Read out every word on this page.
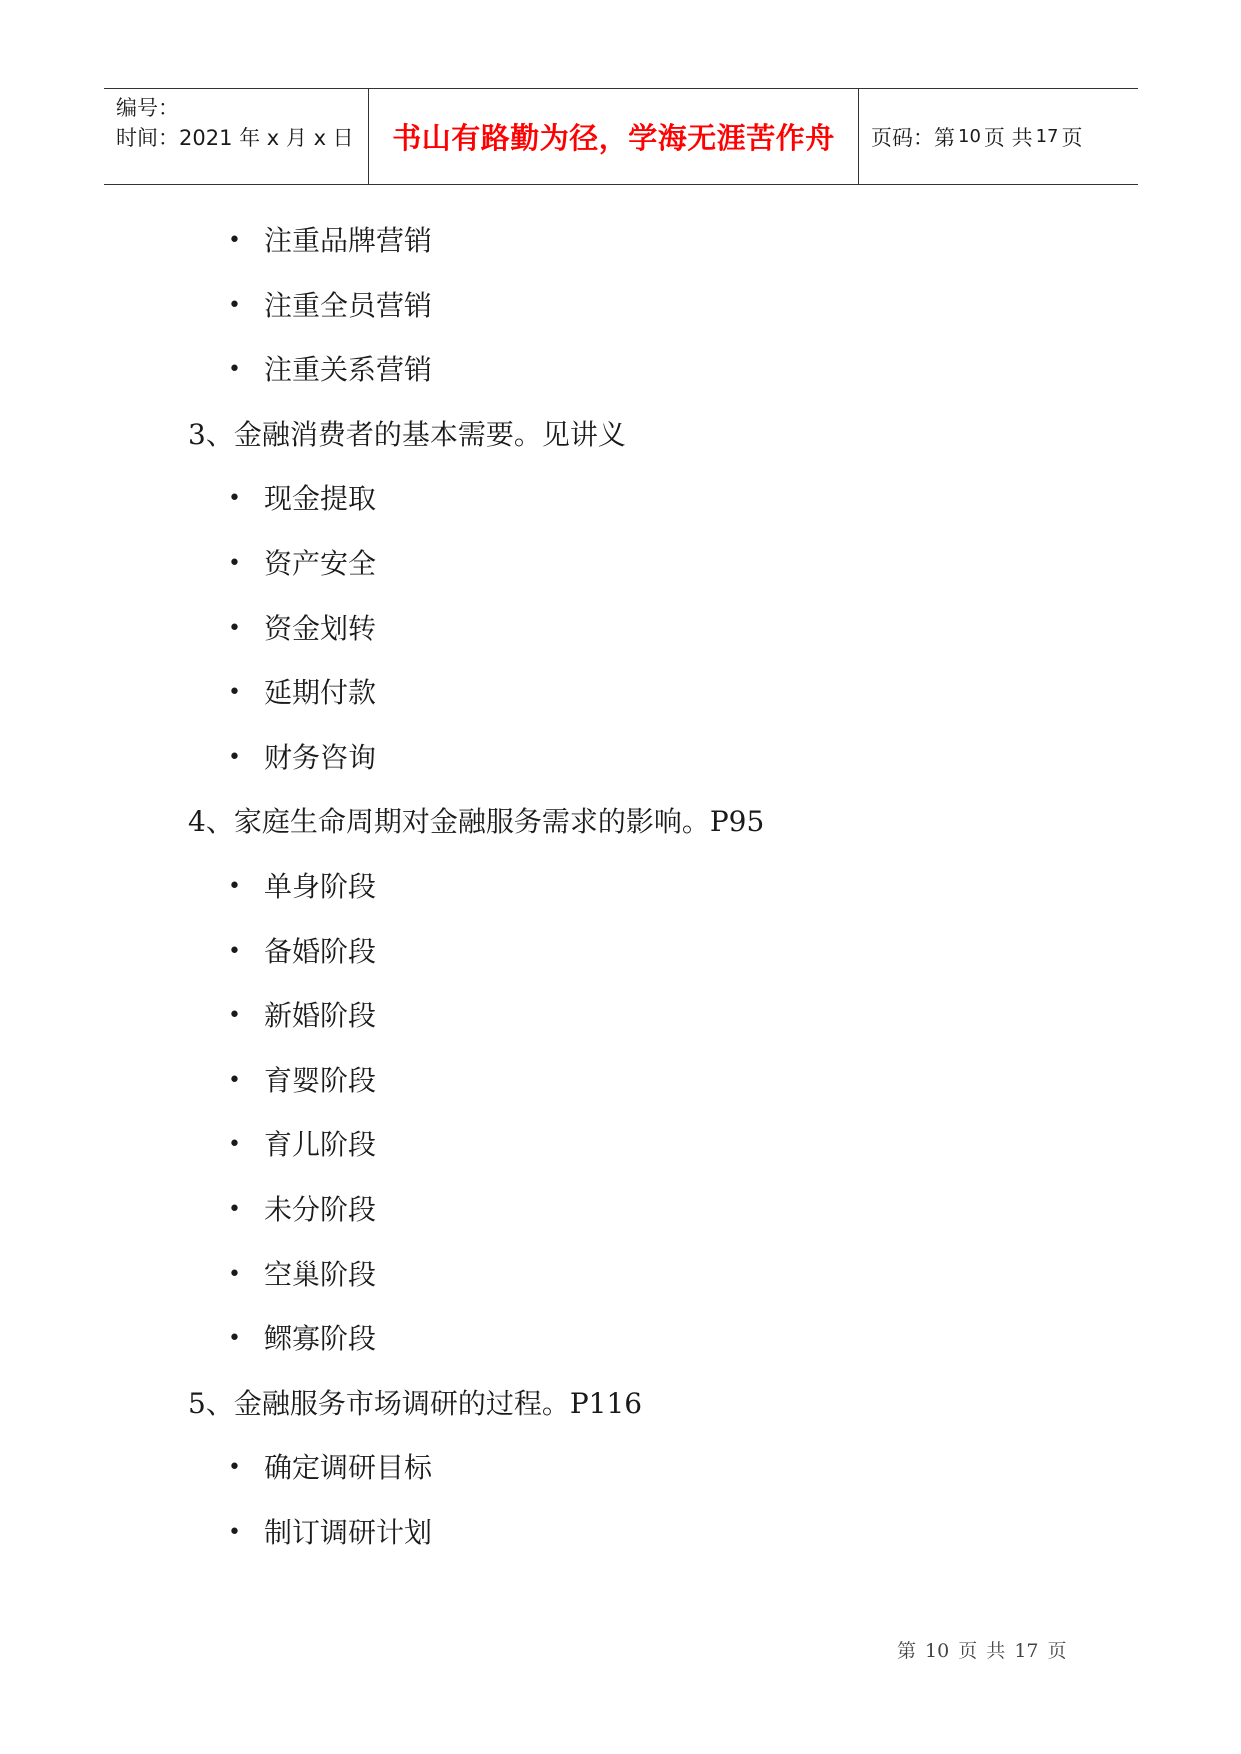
编号：
时间：2021 年 x 月 x 日	书山有路勤为径，学海无涯苦作舟	页码：第 10 页 共 17 页
• 注重品牌营销
• 注重全员营销
• 注重关系营销
3、金融消费者的基本需要。见讲义
• 现金提取
• 资产安全
• 资金划转
• 延期付款
• 财务咨询
4、家庭生命周期对金融服务需求的影响。P95
• 单身阶段
• 备婚阶段
• 新婚阶段
• 育婴阶段
• 育儿阶段
• 未分阶段
• 空巢阶段
• 鳏寡阶段
5、金融服务市场调研的过程。P116
• 确定调研目标
• 制订调研计划
第 10 页 共 17 页
